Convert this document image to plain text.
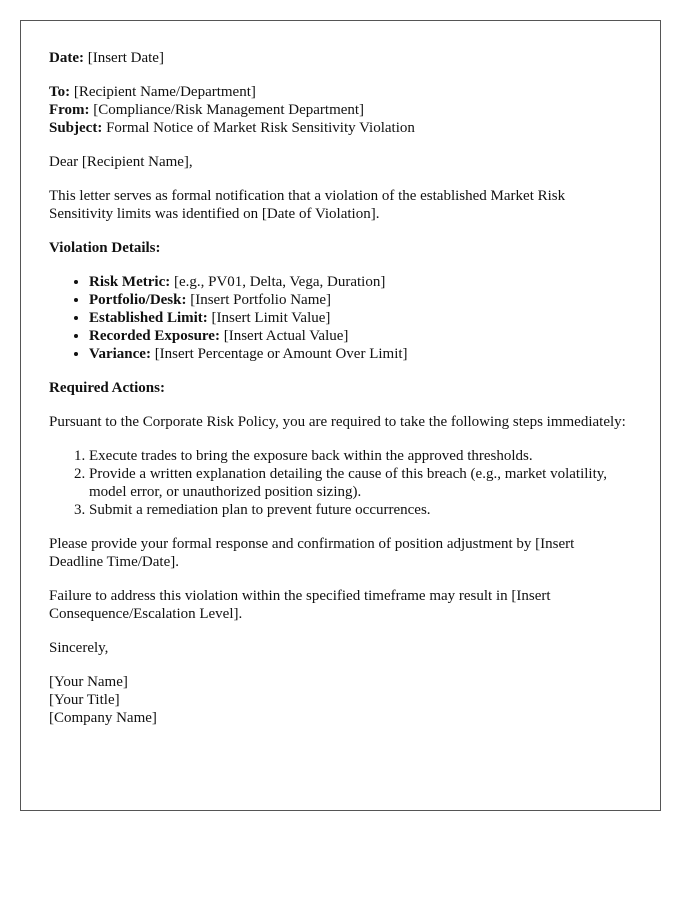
Date: [Insert Date]

To: [Recipient Name/Department]
From: [Compliance/Risk Management Department]
Subject: Formal Notice of Market Risk Sensitivity Violation

Dear [Recipient Name],

This letter serves as formal notification that a violation of the established Market Risk Sensitivity limits was identified on [Date of Violation].

Violation Details:

• Risk Metric: [e.g., PV01, Delta, Vega, Duration]
• Portfolio/Desk: [Insert Portfolio Name]
• Established Limit: [Insert Limit Value]
• Recorded Exposure: [Insert Actual Value]
• Variance: [Insert Percentage or Amount Over Limit]

Required Actions:

Pursuant to the Corporate Risk Policy, you are required to take the following steps immediately:

1. Execute trades to bring the exposure back within the approved thresholds.
2. Provide a written explanation detailing the cause of this breach (e.g., market volatility, model error, or unauthorized position sizing).
3. Submit a remediation plan to prevent future occurrences.

Please provide your formal response and confirmation of position adjustment by [Insert Deadline Time/Date].

Failure to address this violation within the specified timeframe may result in [Insert Consequence/Escalation Level].

Sincerely,

[Your Name]
[Your Title]
[Company Name]
